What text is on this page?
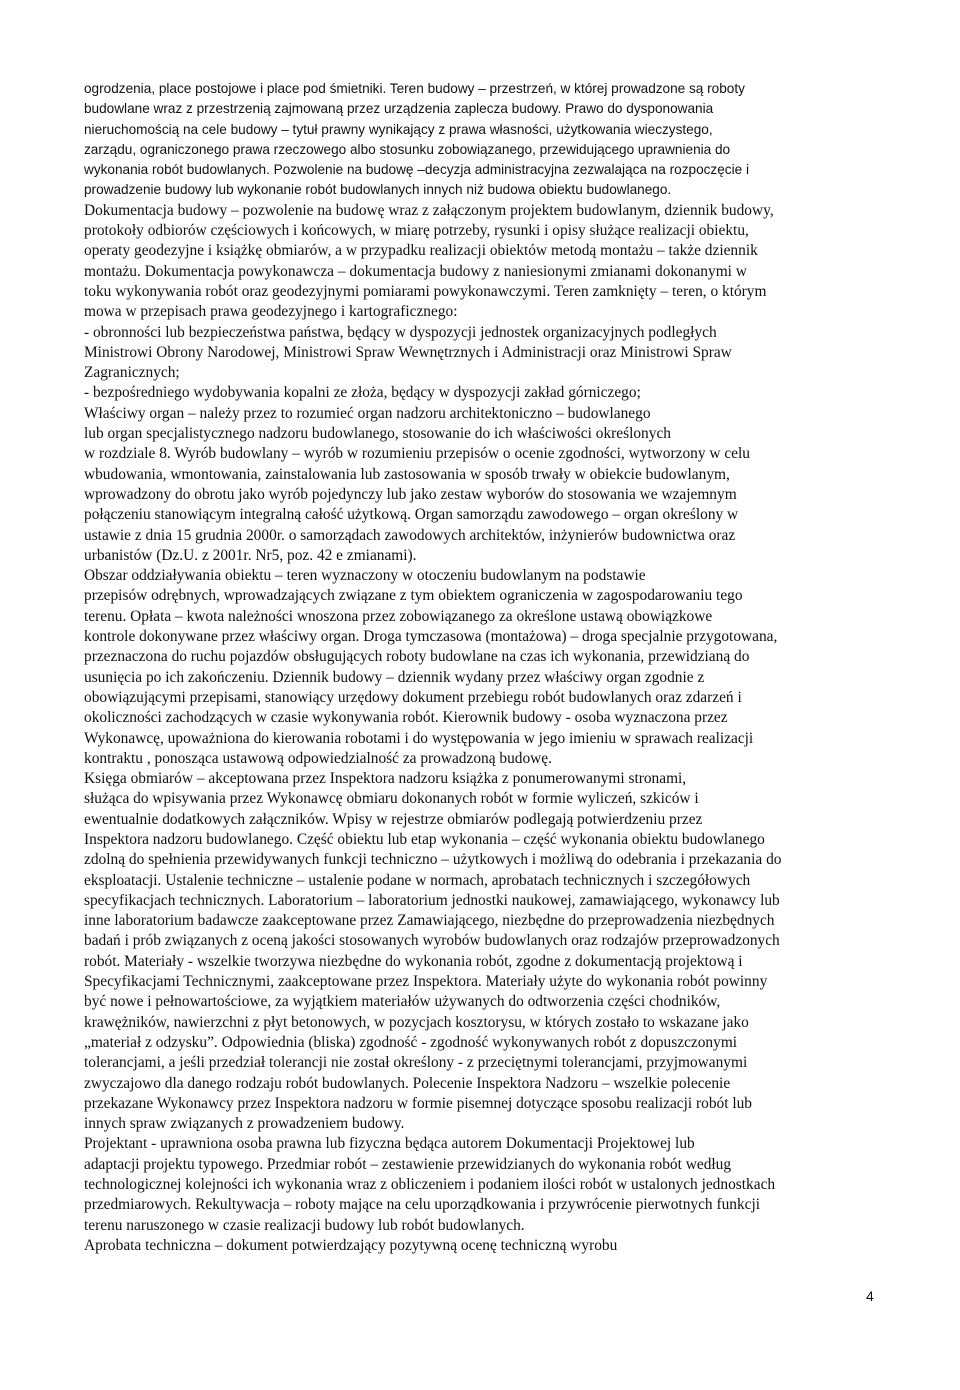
ogrodzenia, place postojowe i place pod śmietniki. Teren budowy – przestrzeń, w której prowadzone są roboty
budowlane wraz z przestrzenią zajmowaną przez urządzenia zaplecza budowy. Prawo do dysponowania
nieruchomością na cele budowy – tytuł prawny wynikający z prawa własności, użytkowania wieczystego,
zarządu, ograniczonego prawa rzeczowego albo stosunku zobowiązanego, przewidującego uprawnienia do
wykonania robót budowlanych. Pozwolenie na budowę –decyzja administracyjna zezwalająca na rozpoczęcie i
prowadzenie budowy lub wykonanie robót budowlanych innych niż budowa obiektu budowlanego.
Dokumentacja budowy – pozwolenie na budowę wraz z załączonym projektem budowlanym, dziennik budowy,
protokoły odbiorów częściowych i końcowych, w miarę potrzeby, rysunki i opisy służące realizacji obiektu,
operaty geodezyjne i książkę obmiarów, a w przypadku realizacji obiektów metodą montażu – także dziennik
montażu. Dokumentacja powykonawcza – dokumentacja budowy z naniesionymi zmianami dokonanymi w
toku wykonywania robót oraz geodezyjnymi pomiarami powykonawczymi. Teren zamknięty – teren, o którym
mowa w przepisach prawa geodezyjnego i kartograficznego:
- obronności lub bezpieczeństwa państwa, będący w dyspozycji jednostek organizacyjnych podległych
Ministrowi Obrony Narodowej, Ministrowi Spraw Wewnętrznych i Administracji oraz Ministrowi Spraw
Zagranicznych;
- bezpośredniego wydobywania kopalni ze złoża, będący w dyspozycji zakład górniczego;
Właściwy organ – należy przez to rozumieć organ nadzoru architektoniczno – budowlanego
lub organ specjalistycznego nadzoru budowlanego, stosowanie do ich właściwości określonych
w rozdziale 8. Wyrób budowlany – wyrób w rozumieniu przepisów o ocenie zgodności, wytworzony w celu
wbudowania, wmontowania, zainstalowania lub zastosowania w sposób trwały w obiekcie budowlanym,
wprowadzony do obrotu jako wyrób pojedynczy lub jako zestaw wyborów do stosowania we wzajemnym
połączeniu stanowiącym integralną całość użytkową. Organ samorządu zawodowego – organ określony w
ustawie z dnia 15 grudnia 2000r. o samorządach zawodowych architektów, inżynierów budownictwa oraz
urbanistów (Dz.U. z 2001r. Nr5, poz. 42 e zmianami).
Obszar oddziaływania obiektu – teren wyznaczony w otoczeniu budowlanym na podstawie
przepisów odrębnych, wprowadzających związane z tym obiektem ograniczenia w zagospodarowaniu tego
terenu. Opłata – kwota należności wnoszona przez zobowiązanego za określone ustawą obowiązkowe
kontrole dokonywane przez właściwy organ. Droga tymczasowa (montażowa) – droga specjalnie przygotowana,
przeznaczona do ruchu pojazdów obsługujących roboty budowlane na czas ich wykonania, przewidzianą do
usunięcia po ich zakończeniu. Dziennik budowy – dziennik wydany przez właściwy organ zgodnie z
obowiązującymi przepisami, stanowiący urzędowy dokument przebiegu robót budowlanych oraz zdarzeń i
okoliczności zachodzących w czasie wykonywania robót. Kierownik budowy - osoba wyznaczona przez
Wykonawcę, upoważniona do kierowania robotami i do występowania w jego imieniu w sprawach realizacji
kontraktu , ponosząca ustawową odpowiedzialność za prowadzoną budowę.
Księga obmiarów – akceptowana przez Inspektora nadzoru książka z ponumerowanymi stronami,
służąca do wpisywania przez Wykonawcę obmiaru dokonanych robót w formie wyliczeń, szkiców i
ewentualnie dodatkowych załączników. Wpisy w rejestrze obmiarów podlegają potwierdzeniu przez
Inspektora nadzoru budowlanego. Część obiektu lub etap wykonania – część wykonania obiektu budowlanego
zdolną do spełnienia przewidywanych funkcji techniczno – użytkowych i możliwą do odebrania i przekazania do
eksploatacji. Ustalenie techniczne – ustalenie podane w normach, aprobatach technicznych i szczegółowych
specyfikacjach technicznych. Laboratorium – laboratorium jednostki naukowej, zamawiającego, wykonawcy lub
inne laboratorium badawcze zaakceptowane przez Zamawiającego, niezbędne do przeprowadzenia niezbędnych
badań i prób związanych z oceną jakości stosowanych wyrobów budowlanych oraz rodzajów przeprowadzonych
robót. Materiały - wszelkie tworzywa niezbędne do wykonania robót, zgodne z dokumentacją projektową i
Specyfikacjami Technicznymi, zaakceptowane przez Inspektora. Materiały użyte do wykonania robót powinny
być nowe i pełnowartościowe, za wyjątkiem materiałów używanych do odtworzenia części chodników,
krawężników, nawierzchni z płyt betonowych, w pozycjach kosztorysu, w których zostało to wskazane jako
„materiał z odzysku”. Odpowiednia (bliska) zgodność - zgodność wykonywanych robót z dopuszczonymi
tolerancjami, a jeśli przedział tolerancji nie został określony - z przeciętnymi tolerancjami, przyjmowanymi
zwyczajowo dla danego rodzaju robót budowlanych. Polecenie Inspektora Nadzoru – wszelkie polecenie
przekazane Wykonawcy przez Inspektora nadzoru w formie pisemnej dotyczące sposobu realizacji robót lub
innych spraw związanych z prowadzeniem budowy.
Projektant - uprawniona osoba prawna lub fizyczna będąca autorem Dokumentacji Projektowej lub
adaptacji projektu typowego. Przedmiar robót – zestawienie przewidzianych do wykonania robót według
technologicznej kolejności ich wykonania wraz z obliczeniem i podaniem ilości robót w ustalonych jednostkach
przedmiarowych. Rekultywacja – roboty mające na celu uporządkowania i przywrócenie pierwotnych funkcji
terenu naruszonego w czasie realizacji budowy lub robót budowlanych.
Aprobata techniczna – dokument potwierdzający pozytywną ocenę techniczną wyrobu
4
